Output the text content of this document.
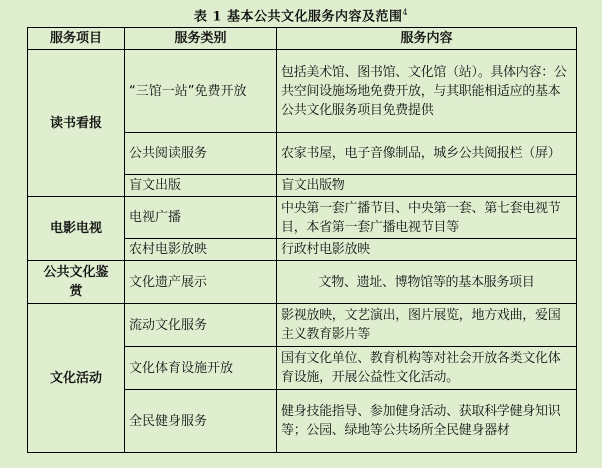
表 1 基本公共文化服务内容及范围$^4$
服务项目	服务类别	服务内容
读书看报	“三馆一站”免费开放	包括美术馆、图书馆、文化馆（站）。具体内容：公共空间设施场地免费开放，与其职能相适应的基本公共文化服务项目免费提供
	公共阅读服务	农家书屋，电子音像制品，城乡公共阅报栏（屏）
	盲文出版	盲文出版物
电影电视	电视广播	中央第一套广播节目、中央第一套、第七套电视节目，本省第一套广播电视节目等
	农村电影放映	行政村电影放映
公共文化鉴赏	文化遗产展示	文物、遗址、博物馆等的基本服务项目
文化活动	流动文化服务	影视放映，文艺演出，图片展览，地方戏曲，爱国主义教育影片等
	文化体育设施开放	国有文化单位、教育机构等对社会开放各类文化体育设施，开展公益性文化活动。
	全民健身服务	健身技能指导、参加健身活动、获取科学健身知识等；公园、绿地等公共场所全民健身器材
